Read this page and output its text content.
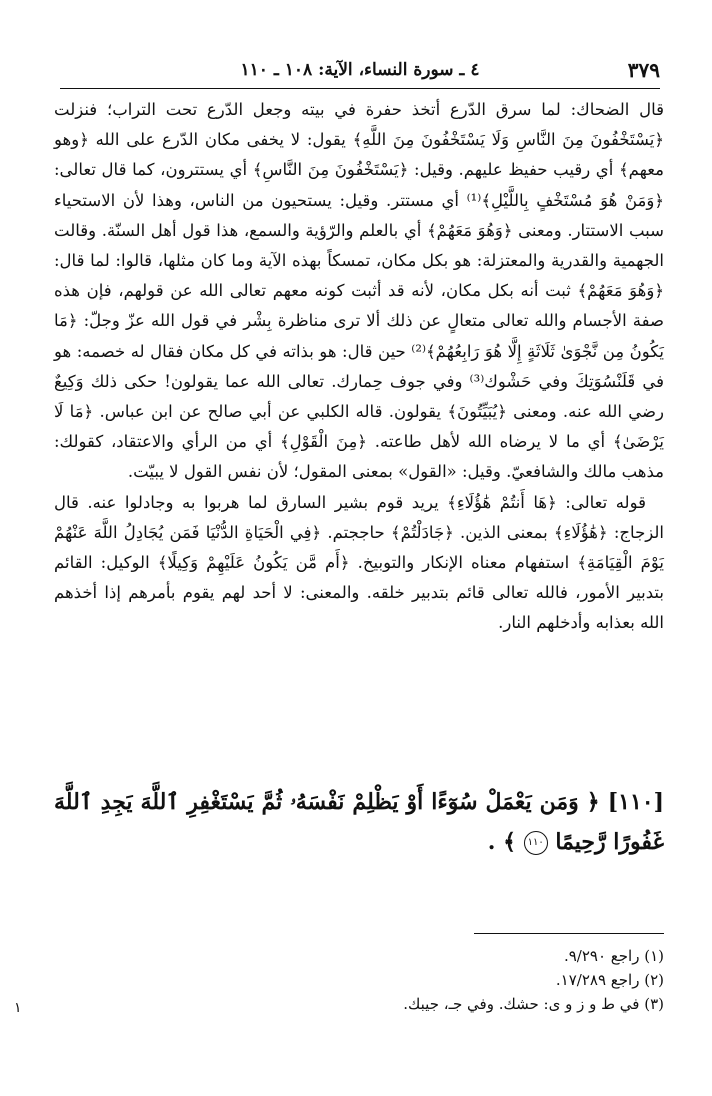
٣٧٩
٤ ـ سورة النساء، الآية: ١٠٨ ـ ١١٠

قال الضحاك: لما سرق الدّرع أتخذ حفرة في بيته وجعل الدّرع تحت التراب؛ فنزلت ﴿يَسْتَخْفُونَ مِنَ النَّاسِ وَلَا يَسْتَخْفُونَ مِنَ اللَّهِ﴾ يقول: لا يخفى مكان الدّرع على الله ﴿وهو معهم﴾ أي رقيب حفيظ عليهم. وقيل: ﴿يَسْتَخْفُونَ مِنَ النَّاسِ﴾ أي يستترون، كما قال تعالى: ﴿وَمَنْ هُوَ مُسْتَخْفٍ بِاللَّيْلِ﴾⁽¹⁾ أي مستتر. وقيل: يستحيون من الناس، وهذا لأن الاستحياء سبب الاستتار. ومعنى ﴿وَهُوَ مَعَهُمْ﴾ أي بالعلم والرّؤية والسمع، هذا قول أهل السنّة. وقالت الجهمية والقدرية والمعتزلة: هو بكل مكان، تمسكاً بهذه الآية وما كان مثلها، قالوا: لما قال: ﴿وَهُوَ مَعَهُمْ﴾ ثبت أنه بكل مكان، لأنه قد أثبت كونه معهم تعالى الله عن قولهم، فإن هذه صفة الأجسام والله تعالى متعالٍ عن ذلك ألا ترى مناظرة بِشْر في قول الله عزّ وجلّ: ﴿مَا يَكُونُ مِن نَّجْوَىٰ ثَلَاثَةٍ إِلَّا هُوَ رَابِعُهُمْ﴾⁽²⁾ حين قال: هو بذاته في كل مكان فقال له خصمه: هو في قَلَنْسُوَتِكَ وفي حَشْوك⁽³⁾ وفي جوف حِمارك. تعالى الله عما يقولون! حكى ذلك وَكِيعٌ رضي الله عنه. ومعنى ﴿يُبَيِّتُونَ﴾ يقولون. قاله الكلبي عن أبي صالح عن ابن عباس. ﴿مَا لَا يَرْضَىٰ﴾ أي ما لا يرضاه الله لأهل طاعته. ﴿مِنَ الْقَوْلِ﴾ أي من الرأي والاعتقاد، كقولك: مذهب مالك والشافعيّ. وقيل: «القول» بمعنى المقول؛ لأن نفس القول لا يبيّت.

قوله تعالى: ﴿هَا أَنتُمْ هَٰؤُلَاءِ﴾ يريد قوم بشير السارق لما هربوا به وجادلوا عنه. قال الزجاج: ﴿هَٰؤُلَاءِ﴾ بمعنى الذين. ﴿جَادَلْتُمْ﴾ حاججتم. ﴿فِي الْحَيَاةِ الدُّنْيَا فَمَن يُجَادِلُ اللَّهَ عَنْهُمْ يَوْمَ الْقِيَامَةِ﴾ استفهام معناه الإنكار والتوبيخ. ﴿أَم مَّن يَكُونُ عَلَيْهِمْ وَكِيلًا﴾ الوكيل: القائم بتدبير الأمور، فالله تعالى قائم بتدبير خلقه. والمعنى: لا أحد لهم يقوم بأمرهم إذا أخذهم الله بعذابه وأدخلهم النار.

[١١٠] ﴿ وَمَن يَعْمَلْ سُوٓءًا أَوْ يَظْلِمْ نَفْسَهُۥ ثُمَّ يَسْتَغْفِرِ ٱللَّهَ يَجِدِ ٱللَّهَ غَفُورًا رَّحِيمًا ١١٠ ﴾ .
(١) راجع ٩/٢٩٠.
(٢) راجع ١٧/٢٨٩.
(٣) في ط و ز و ى: حشك. وفي جـ، جيبك.
١
